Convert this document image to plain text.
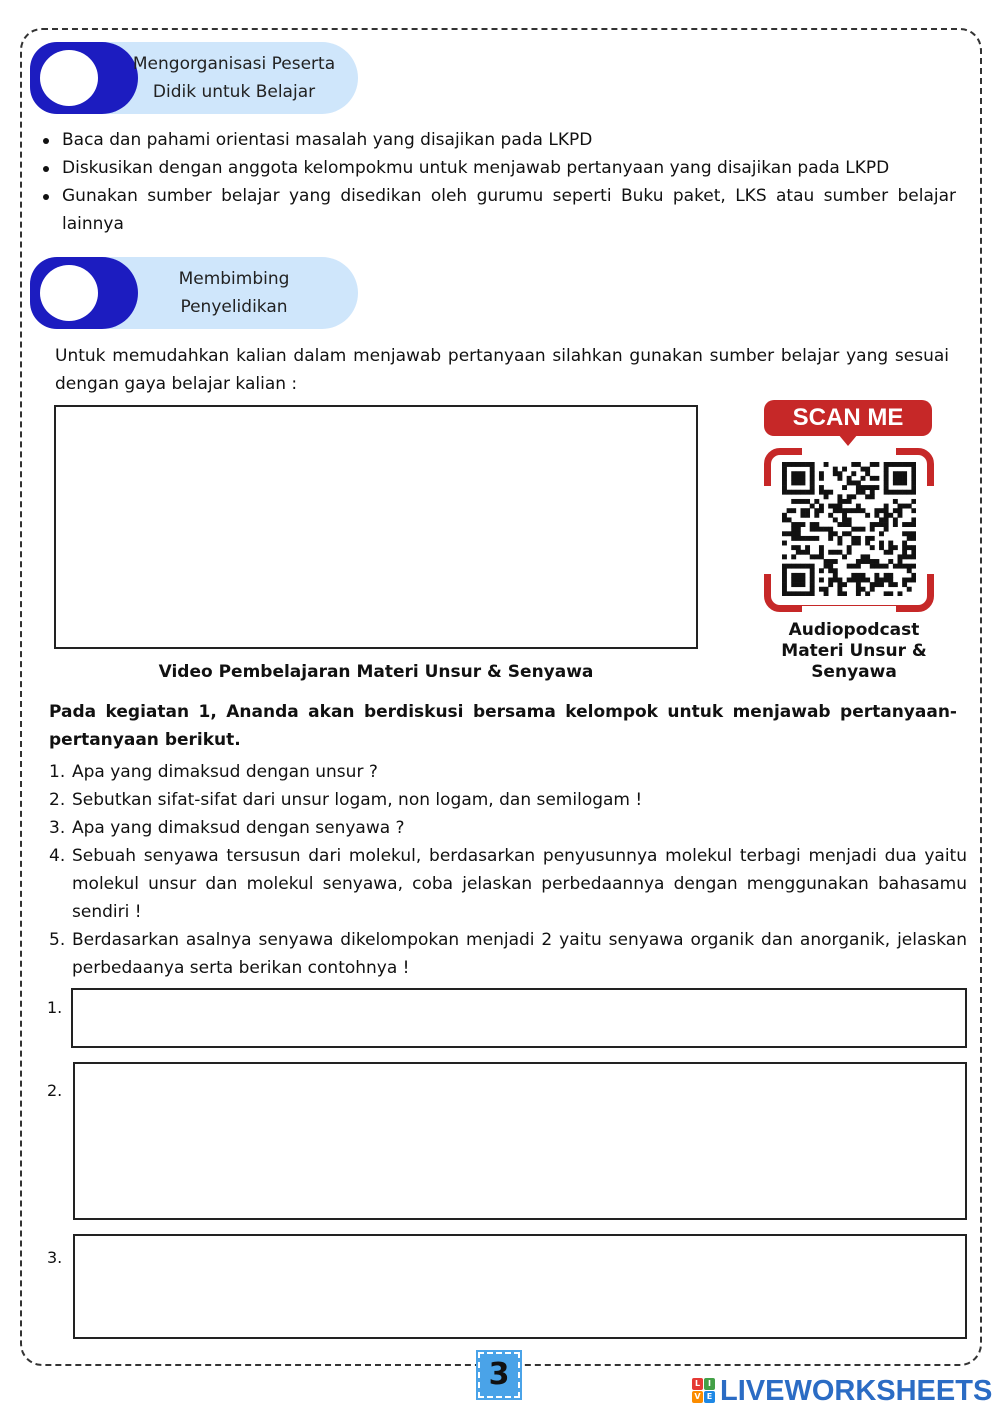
Mengorganisasi Peserta Didik untuk Belajar
Baca dan pahami orientasi masalah yang disajikan pada LKPD
Diskusikan dengan anggota kelompokmu untuk menjawab pertanyaan yang disajikan pada LKPD
Gunakan sumber belajar yang disedikan oleh gurumu seperti Buku paket, LKS atau sumber belajar lainnya
Membimbing Penyelidikan
Untuk memudahkan kalian dalam menjawab pertanyaan silahkan gunakan sumber belajar yang sesuai dengan gaya belajar kalian :
Video Pembelajaran Materi Unsur & Senyawa
SCAN ME
Audiopodcast Materi Unsur & Senyawa
Pada kegiatan 1, Ananda akan berdiskusi bersama kelompok untuk menjawab pertanyaan-pertanyaan berikut.
1. Apa yang dimaksud dengan unsur ?
2. Sebutkan sifat-sifat dari unsur logam, non logam, dan semilogam !
3. Apa yang dimaksud dengan senyawa ?
4. Sebuah senyawa tersusun dari molekul, berdasarkan penyusunnya molekul terbagi menjadi dua yaitu molekul unsur dan molekul senyawa, coba jelaskan perbedaannya dengan menggunakan bahasamu sendiri !
5. Berdasarkan asalnya senyawa dikelompokan menjadi 2 yaitu senyawa organik dan anorganik, jelaskan perbedaanya serta berikan contohnya !
1.
2.
3.
3	L I
V E LIVEWORKSHEETS
